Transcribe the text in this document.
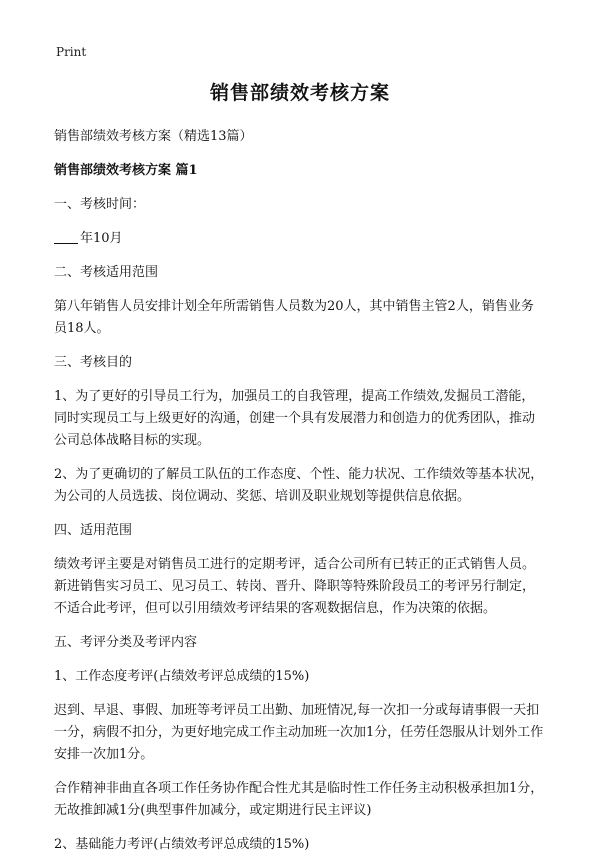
Print
销售部绩效考核方案

销售部绩效考核方案（精选13篇）

销售部绩效考核方案 篇1

一、考核时间：

年10月

二、考核适用范围

第八年销售人员安排计划全年所需销售人员数为20人，其中销售主管2人，销售业务员18人。

三、考核目的

1、为了更好的引导员工行为，加强员工的自我管理，提高工作绩效,发掘员工潜能，同时实现员工与上级更好的沟通，创建一个具有发展潜力和创造力的优秀团队，推动公司总体战略目标的实现。

2、为了更确切的了解员工队伍的工作态度、个性、能力状况、工作绩效等基本状况，为公司的人员选拔、岗位调动、奖惩、培训及职业规划等提供信息依据。

四、适用范围

绩效考评主要是对销售员工进行的定期考评，适合公司所有已转正的正式销售人员。新进销售实习员工、见习员工、转岗、晋升、降职等特殊阶段员工的考评另行制定，不适合此考评，但可以引用绩效考评结果的客观数据信息，作为决策的依据。

五、考评分类及考评内容

1、工作态度考评(占绩效考评总成绩的15%)

迟到、早退、事假、加班等考评员工出勤、加班情况,每一次扣一分或每请事假一天扣一分，病假不扣分，为更好地完成工作主动加班一次加1分，任劳任怨服从计划外工作安排一次加1分。

合作精神非曲直各项工作任务协作配合性尤其是临时性工作任务主动积极承担加1分，无故推卸减1分(典型事件加减分，或定期进行民主评议)

2、基础能力考评(占绩效考评总成绩的15%)
